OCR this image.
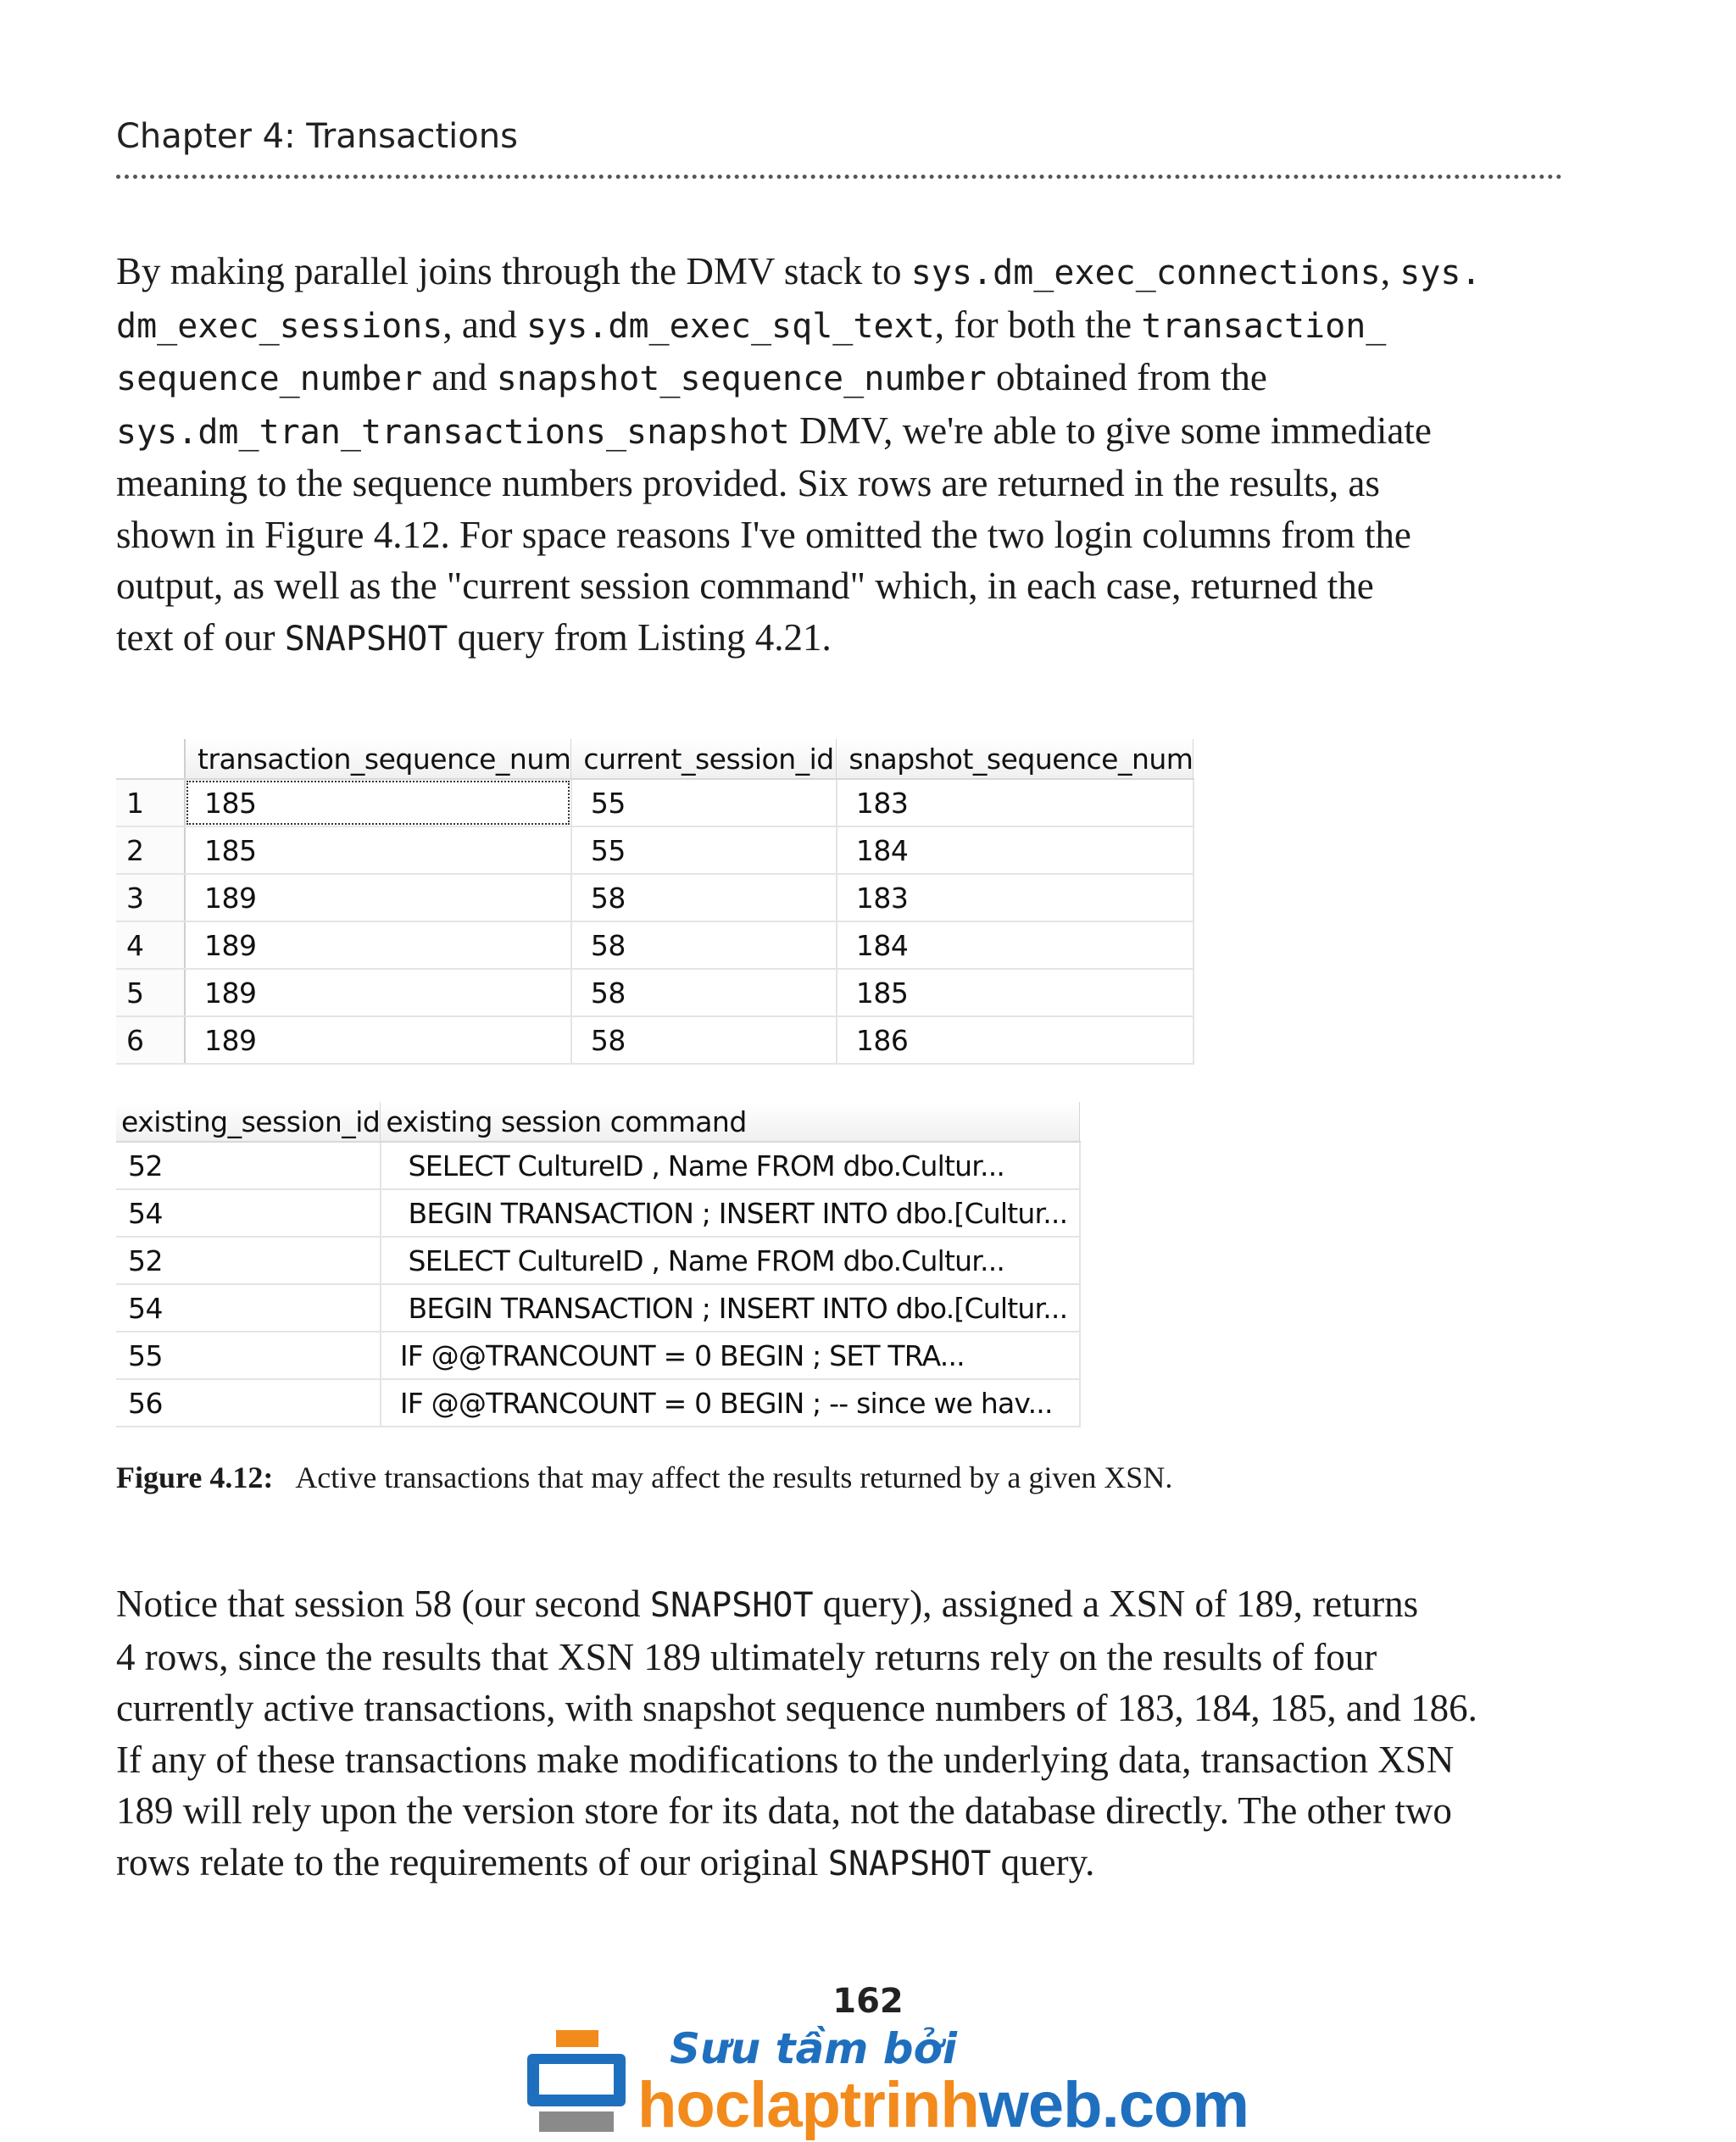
Chapter 4: Transactions
By making parallel joins through the DMV stack to sys.dm_exec_connections, sys.
dm_exec_sessions, and sys.dm_exec_sql_text, for both the transaction_
sequence_number and snapshot_sequence_number obtained from the
sys.dm_tran_transactions_snapshot DMV, we're able to give some immediate
meaning to the sequence numbers provided. Six rows are returned in the results, as
shown in Figure 4.12. For space reasons I've omitted the two login columns from the
output, as well as the "current session command" which, in each case, returned the
text of our SNAPSHOT query from Listing 4.21.
	transaction_sequence_num	current_session_id	snapshot_sequence_num
1	185	55	183
2	185	55	184
3	189	58	183
4	189	58	184
5	189	58	185
6	189	58	186
existing_session_id	existing session command
52	SELECT CultureID , Name FROM dbo.Cultur...
54	BEGIN TRANSACTION ; INSERT INTO dbo.[Cultur...
52	SELECT CultureID , Name FROM dbo.Cultur...
54	BEGIN TRANSACTION ; INSERT INTO dbo.[Cultur...
55	IF @@TRANCOUNT = 0 BEGIN ; SET TRA...
56	IF @@TRANCOUNT = 0 BEGIN ; -- since we hav...
Figure 4.12: Active transactions that may affect the results returned by a given XSN.
Notice that session 58 (our second SNAPSHOT query), assigned a XSN of 189, returns
4 rows, since the results that XSN 189 ultimately returns rely on the results of four
currently active transactions, with snapshot sequence numbers of 183, 184, 185, and 186.
If any of these transactions make modifications to the underlying data, transaction XSN
189 will rely upon the version store for its data, not the database directly. The other two
rows relate to the requirements of our original SNAPSHOT query.
162
Sưu tầm bởi
hoclaptrinhweb.com
